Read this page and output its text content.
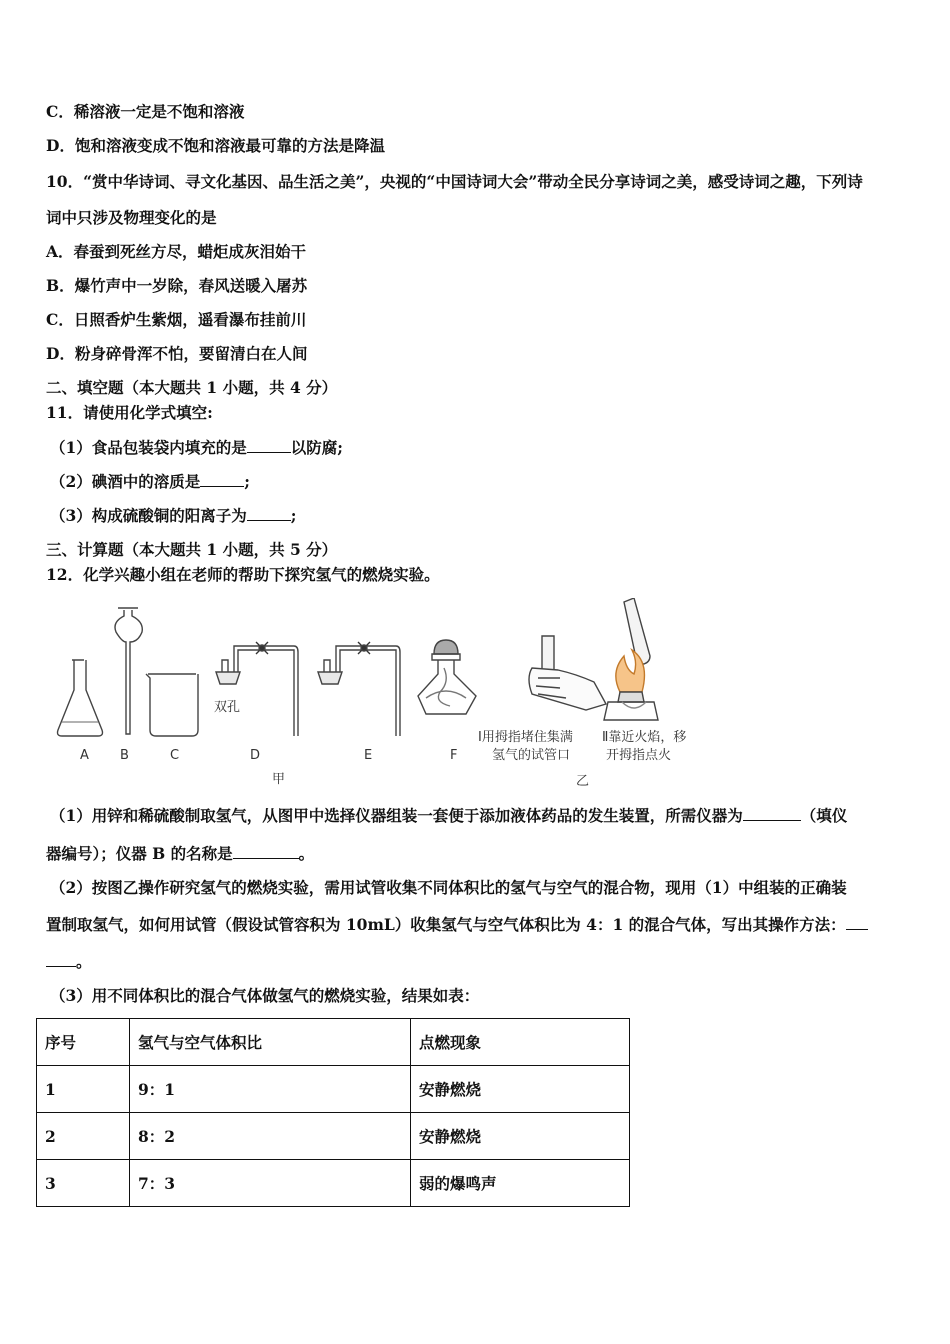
C．稀溶液一定是不饱和溶液
D．饱和溶液变成不饱和溶液最可靠的方法是降温
10．“赏中华诗词、寻文化基因、品生活之美”，央视的“中国诗词大会”带动全民分享诗词之美，感受诗词之趣，下列诗
词中只涉及物理变化的是
A．春蚕到死丝方尽，蜡炬成灰泪始干
B．爆竹声中一岁除，春风送暖入屠苏
C．日照香炉生紫烟，遥看瀑布挂前川
D．粉身碎骨浑不怕，要留清白在人间
二、填空题（本大题共 1 小题，共 4 分）
11．请使用化学式填空:
（1）食品包装袋内填充的是	以防腐;
（2）碘酒中的溶质是	;
（3）构成硫酸铜的阳离子为	;
三、计算题（本大题共 1 小题，共 5 分）
12．化学兴趣小组在老师的帮助下探究氢气的燃烧实验。
A B	C	D	E	F
双孔
甲
Ⅰ用拇指堵住集满
氢气的试管口
Ⅱ靠近火焰，移
开拇指点火
乙
（1）用锌和稀硫酸制取氢气，从图甲中选择仪器组装一套便于添加液体药品的发生装置，所需仪器为	（填仪
器编号）；仪器 B 的名称是	。
（2）按图乙操作研究氢气的燃烧实验，需用试管收集不同体积比的氢气与空气的混合物，现用（1）中组装的正确装
置制取氢气，如何用试管（假设试管容积为 10mL）收集氢气与空气体积比为 4：1 的混合气体，写出其操作方法：
。
（3）用不同体积比的混合气体做氢气的燃烧实验，结果如表：
序号	氢气与空气体积比	点燃现象
1	9：1	安静燃烧
2	8：2	安静燃烧
3	7：3	弱的爆鸣声
